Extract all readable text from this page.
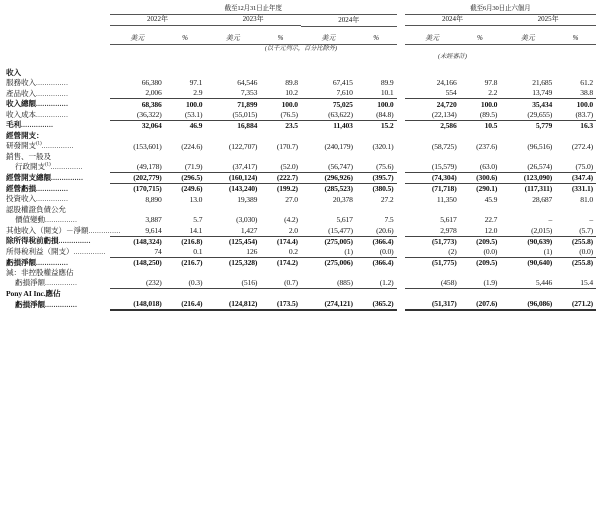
	截至12月31日止年度							截至6月30日止六個月			
	2022年		2023年		2024年			2024年		2025年	

	美元	%	美元	%	美元	%		美元	%	美元	%
			(以千元列示，百分比除外)								
								(未經審計)			

收入											
服務收入...............	66,380	97.1	64,546	89.8	67,415	89.9		24,166	97.8	21,685	61.2
產品收入...............	2,006	2.9	7,353	10.2	7,610	10.1		554	2.2	13,749	38.8
收入總額...............	68,386	100.0	71,899	100.0	75,025	100.0		24,720	100.0	35,434	100.0
收入成本...............	(36,322)	(53.1)	(55,015)	(76.5)	(63,622)	(84.8)		(22,134)	(89.5)	(29,655)	(83.7)
毛利...............	32,064	46.9	16,884	23.5	11,403	15.2		2,586	10.5	5,779	16.3
經營開支：											
研發開支$^{(1)}$...............	(153,601)	(224.6)	(122,707)	(170.7)	(240,179)	(320.1)		(58,725)	(237.6)	(96,516)	(272.4)
銷售、一般及											
行政開支$^{(1)}$...............	(49,178)	(71.9)	(37,417)	(52.0)	(56,747)	(75.6)		(15,579)	(63.0)	(26,574)	(75.0)
經營開支總額...............	(202,779)	(296.5)	(160,124)	(222.7)	(296,926)	(395.7)		(74,304)	(300.6)	(123,090)	(347.4)
經營虧損...............	(170,715)	(249.6)	(143,240)	(199.2)	(285,523)	(380.5)		(71,718)	(290.1)	(117,311)	(331.1)
投資收入...............	8,890	13.0	19,389	27.0	20,378	27.2		11,350	45.9	28,687	81.0
認股權證負債公允											
價值變動...............	3,887	5.7	(3,030)	(4.2)	5,617	7.5		5,617	22.7	–	–
其他收入（開支）－淨額...............	9,614	14.1	1,427	2.0	(15,477)	(20.6)		2,978	12.0	(2,015)	(5.7)
除所得稅前虧損...............	(148,324)	(216.8)	(125,454)	(174.4)	(275,005)	(366.4)		(51,773)	(209.5)	(90,639)	(255.8)
所得稅利益（開支）...............	74	0.1	126	0.2	(1)	(0.0)		(2)	(0.0)	(1)	(0.0)
虧損淨額...............	(148,250)	(216.7)	(125,328)	(174.2)	(275,006)	(366.4)		(51,775)	(209.5)	(90,640)	(255.8)
減：非控股權益應佔											
虧損淨額...............	(232)	(0.3)	(516)	(0.7)	(885)	(1.2)		(458)	(1.9)	5,446	15.4
Pony AI Inc.應佔											
虧損淨額...............	(148,018)	(216.4)	(124,812)	(173.5)	(274,121)	(365.2)		(51,317)	(207.6)	(96,086)	(271.2)
